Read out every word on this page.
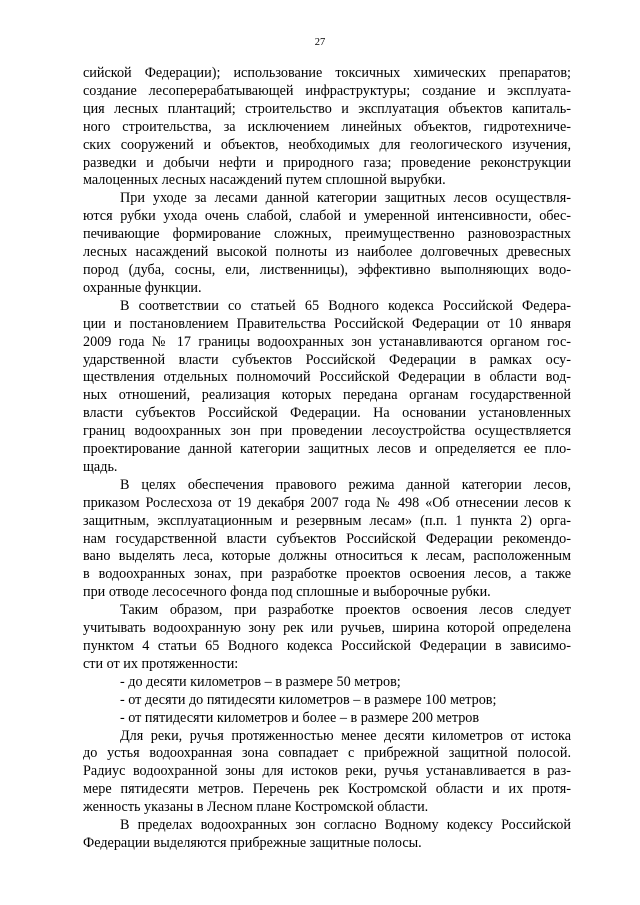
27
сийской Федерации); использование токсичных химических препаратов;
создание лесоперерабатывающей инфраструктуры; создание и эксплуата-
ция лесных плантаций; строительство и эксплуатация объектов капиталь-
ного строительства, за исключением линейных объектов, гидротехниче-
ских сооружений и объектов, необходимых для геологического изучения,
разведки и добычи нефти и природного газа; проведение реконструкции
малоценных лесных насаждений путем сплошной вырубки.
При уходе за лесами данной категории защитных лесов осуществля-
ются рубки ухода очень слабой, слабой и умеренной интенсивности, обес-
печивающие формирование сложных, преимущественно разновозрастных
лесных насаждений высокой полноты из наиболее долговечных древесных
пород (дуба, сосны, ели, лиственницы), эффективно выполняющих водо-
охранные функции.
В соответствии со статьей 65 Водного кодекса Российской Федера-
ции и постановлением Правительства Российской Федерации от 10 января
2009 года № 17 границы водоохранных зон устанавливаются органом гос-
ударственной власти субъектов Российской Федерации в рамках осу-
ществления отдельных полномочий Российской Федерации в области вод-
ных отношений, реализация которых передана органам государственной
власти субъектов Российской Федерации. На основании установленных
границ водоохранных зон при проведении лесоустройства осуществляется
проектирование данной категории защитных лесов и определяется ее пло-
щадь.
В целях обеспечения правового режима данной категории лесов,
приказом Рослесхоза от 19 декабря 2007 года № 498 «Об отнесении лесов к
защитным, эксплуатационным и резервным лесам» (п.п. 1 пункта 2) орга-
нам государственной власти субъектов Российской Федерации рекомендо-
вано выделять леса, которые должны относиться к лесам, расположенным
в водоохранных зонах, при разработке проектов освоения лесов, а также
при отводе лесосечного фонда под сплошные и выборочные рубки.
Таким образом, при разработке проектов освоения лесов следует
учитывать водоохранную зону рек или ручьев, ширина которой определена
пунктом 4 статьи 65 Водного кодекса Российской Федерации в зависимо-
сти от их протяженности:
- до десяти километров – в размере 50 метров;
- от десяти до пятидесяти километров – в размере 100 метров;
- от пятидесяти километров и более – в размере 200 метров
Для реки, ручья протяженностью менее десяти километров от истока
до устья водоохранная зона совпадает с прибрежной защитной полосой.
Радиус водоохранной зоны для истоков реки, ручья устанавливается в раз-
мере пятидесяти метров. Перечень рек Костромской области и их протя-
женность указаны в Лесном плане Костромской области.
В пределах водоохранных зон согласно Водному кодексу Российской
Федерации выделяются прибрежные защитные полосы.
